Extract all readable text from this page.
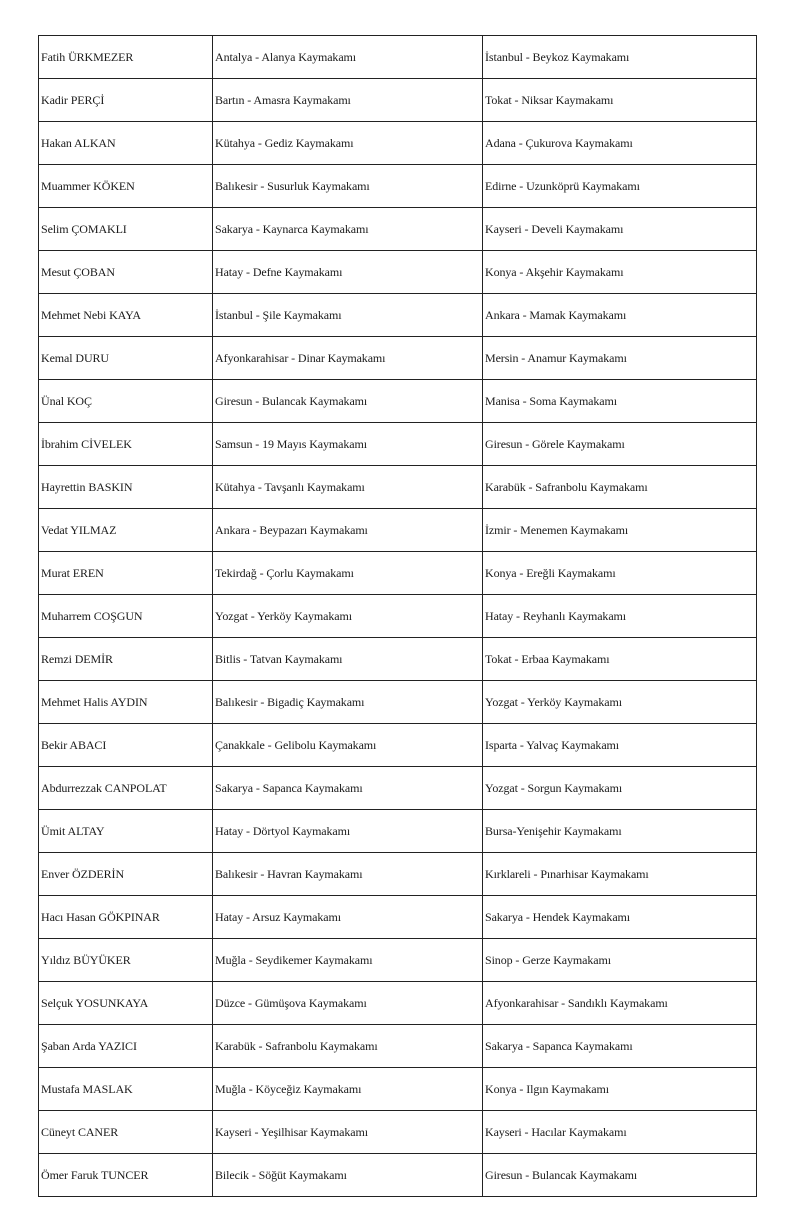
Fatih ÜRKMEZER	Antalya - Alanya Kaymakamı	İstanbul - Beykoz Kaymakamı
Kadir PERÇİ	Bartın - Amasra Kaymakamı	Tokat - Niksar Kaymakamı
Hakan ALKAN	Kütahya - Gediz Kaymakamı	Adana - Çukurova Kaymakamı
Muammer KÖKEN	Balıkesir - Susurluk Kaymakamı	Edirne - Uzunköprü Kaymakamı
Selim ÇOMAKLI	Sakarya - Kaynarca Kaymakamı	Kayseri - Develi Kaymakamı
Mesut ÇOBAN	Hatay - Defne Kaymakamı	Konya - Akşehir Kaymakamı
Mehmet Nebi KAYA	İstanbul - Şile Kaymakamı	Ankara - Mamak Kaymakamı
Kemal DURU	Afyonkarahisar - Dinar Kaymakamı	Mersin - Anamur Kaymakamı
Ünal KOÇ	Giresun - Bulancak Kaymakamı	Manisa - Soma Kaymakamı
İbrahim CİVELEK	Samsun - 19 Mayıs Kaymakamı	Giresun - Görele Kaymakamı
Hayrettin BASKIN	Kütahya - Tavşanlı Kaymakamı	Karabük - Safranbolu Kaymakamı
Vedat YILMAZ	Ankara - Beypazarı Kaymakamı	İzmir - Menemen Kaymakamı
Murat EREN	Tekirdağ - Çorlu Kaymakamı	Konya - Ereğli Kaymakamı
Muharrem COŞGUN	Yozgat - Yerköy Kaymakamı	Hatay - Reyhanlı Kaymakamı
Remzi DEMİR	Bitlis - Tatvan Kaymakamı	Tokat - Erbaa Kaymakamı
Mehmet Halis AYDIN	Balıkesir - Bigadiç Kaymakamı	Yozgat - Yerköy Kaymakamı
Bekir ABACI	Çanakkale - Gelibolu Kaymakamı	Isparta - Yalvaç Kaymakamı
Abdurrezzak CANPOLAT	Sakarya - Sapanca Kaymakamı	Yozgat - Sorgun Kaymakamı
Ümit ALTAY	Hatay - Dörtyol Kaymakamı	Bursa-Yenişehir Kaymakamı
Enver ÖZDERİN	Balıkesir - Havran Kaymakamı	Kırklareli - Pınarhisar Kaymakamı
Hacı Hasan GÖKPINAR	Hatay - Arsuz Kaymakamı	Sakarya - Hendek Kaymakamı
Yıldız BÜYÜKER	Muğla - Seydikemer Kaymakamı	Sinop - Gerze Kaymakamı
Selçuk YOSUNKAYA	Düzce - Gümüşova Kaymakamı	Afyonkarahisar - Sandıklı Kaymakamı
Şaban Arda YAZICI	Karabük - Safranbolu Kaymakamı	Sakarya - Sapanca Kaymakamı
Mustafa MASLAK	Muğla - Köyceğiz Kaymakamı	Konya - Ilgın Kaymakamı
Cüneyt CANER	Kayseri - Yeşilhisar Kaymakamı	Kayseri - Hacılar Kaymakamı
Ömer Faruk TUNCER	Bilecik - Söğüt Kaymakamı	Giresun - Bulancak Kaymakamı
